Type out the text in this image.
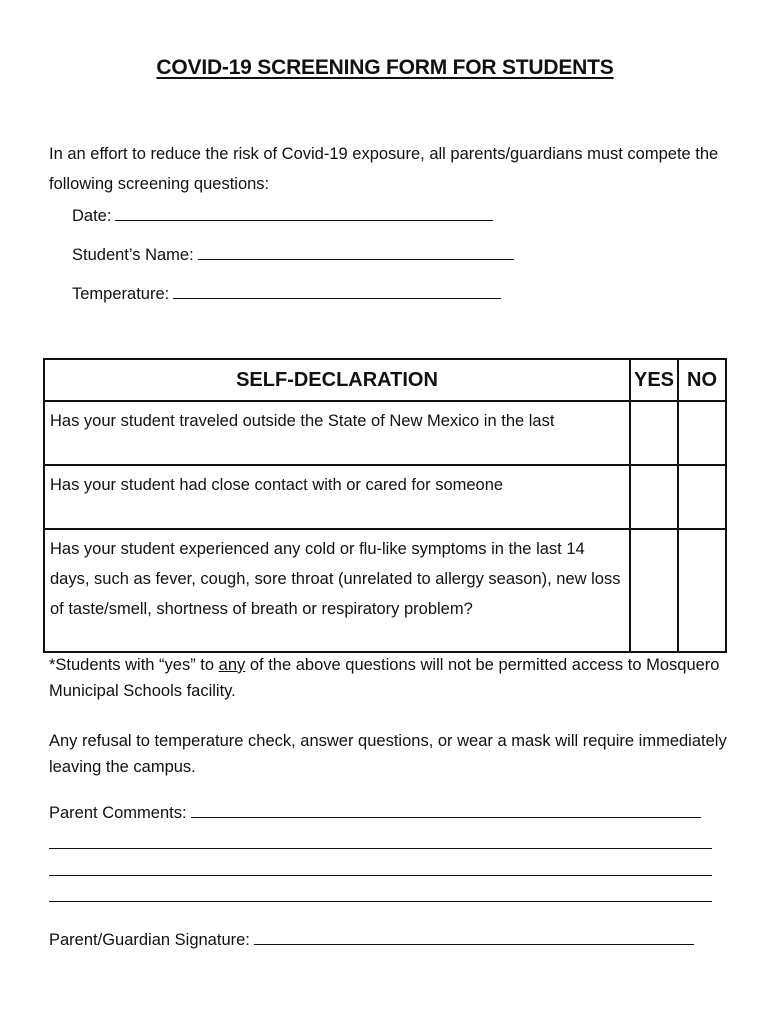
COVID-19 SCREENING FORM FOR STUDENTS
In an effort to reduce the risk of Covid-19 exposure, all parents/guardians must compete the following screening questions:
Date:
Student’s Name:
Temperature:
SELF-DECLARATION	YES	NO
Has your student traveled outside the State of New Mexico in the last		
Has your student had close contact with or cared for someone		
Has your student experienced any cold or flu-like symptoms in the last 14 days, such as fever, cough, sore throat (unrelated to allergy season), new loss of taste/smell, shortness of breath or respiratory problem?		
*Students with “yes” to any of the above questions will not be permitted access to Mosquero Municipal Schools facility.
Any refusal to temperature check, answer questions, or wear a mask will require immediately leaving the campus.
Parent Comments:
Parent/Guardian Signature:
